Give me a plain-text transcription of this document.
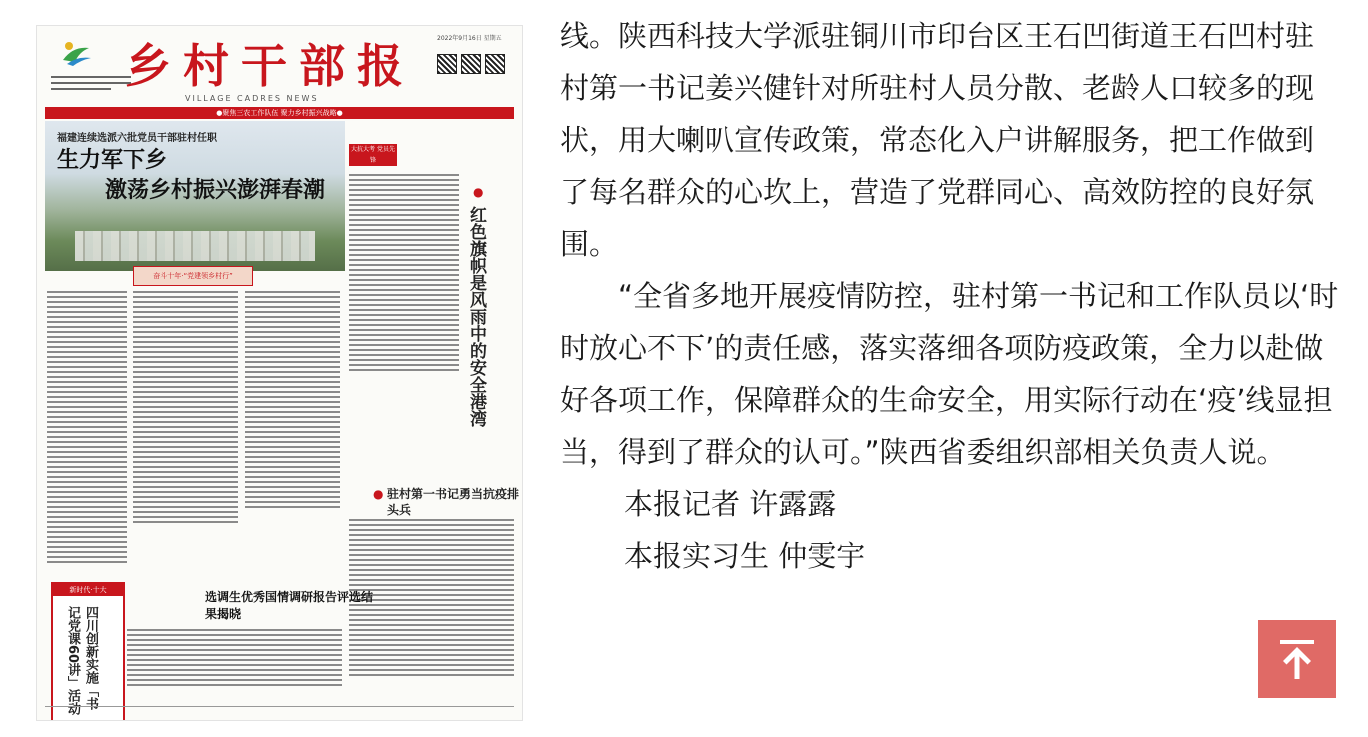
乡村干部报
VILLAGE CADRES NEWS
2022年9月16日 星期五
●聚焦三农工作队伍 聚力乡村振兴战略●
福建连续选派六批党员干部驻村任职
生力军下乡
激荡乡村振兴澎湃春潮
大抗大考 党员先锋
奋斗十年·“党建领乡村行”
●
红色旗帜是风雨中的安全港湾
● 驻村第一书记勇当抗疫排头兵
选调生优秀国情调研报告评选结果揭晓
新时代·十大
四川创新实施「书记党课60讲」活动

线。陕西科技大学派驻铜川市印台区王石凹街道王石凹村驻村第一书记姜兴健针对所驻村人员分散、老龄人口较多的现状，用大喇叭宣传政策，常态化入户讲解服务，把工作做到了每名群众的心坎上，营造了党群同心、高效防控的良好氛围。

“全省多地开展疫情防控，驻村第一书记和工作队员以‘时时放心不下’的责任感，落实落细各项防疫政策，全力以赴做好各项工作，保障群众的生命安全，用实际行动在‘疫’线显担当，得到了群众的认可。”陕西省委组织部相关负责人说。

本报记者 许露露

本报实习生 仲雯宇
